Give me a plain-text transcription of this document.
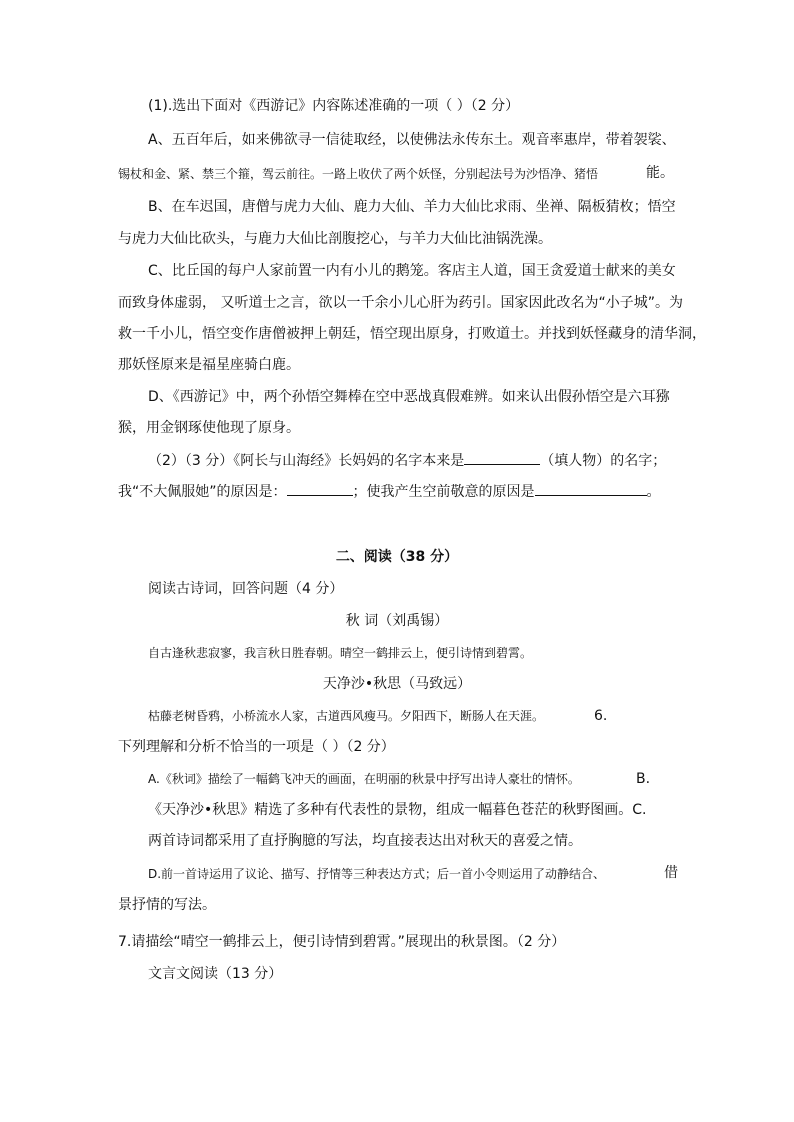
(1).选出下面对《西游记》内容陈述准确的一项（ ）（2 分）
A、五百年后，如来佛欲寻一信徒取经，以使佛法永传东土。观音率惠岸，带着袈裟、
锡杖和金、紧、禁三个箍，驾云前往。一路上收伏了两个妖怪，分别起法号为沙悟净、猪悟	能。
B、在车迟国，唐僧与虎力大仙、鹿力大仙、羊力大仙比求雨、坐禅、隔板猜枚；悟空
与虎力大仙比砍头，与鹿力大仙比剖腹挖心，与羊力大仙比油锅洗澡。
C、比丘国的每户人家前置一内有小儿的鹅笼。客店主人道，国王贪爱道士献来的美女
而致身体虚弱， 又听道士之言，欲以一千余小儿心肝为药引。国家因此改名为“小子城”。为
救一千小儿，悟空变作唐僧被押上朝廷，悟空现出原身，打败道士。并找到妖怪藏身的清华洞，
那妖怪原来是福星座骑白鹿。
D、《西游记》中，两个孙悟空舞棒在空中恶战真假难辨。如来认出假孙悟空是六耳猕
猴，用金钢琢使他现了原身。
（2）（3 分）《阿长与山海经》长妈妈的名字本来是	（填人物）的名字；
我“不大佩服她”的原因是：	；使我产生空前敬意的原因是	。
二、阅读（38 分）
阅读古诗词，回答问题（4 分）
秋 词（刘禹锡）
自古逢秋悲寂寥，我言秋日胜春朝。晴空一鹤排云上，便引诗情到碧霄。
天净沙•秋思（马致远）
枯藤老树昏鸦，小桥流水人家，古道西风瘦马。夕阳西下，断肠人在天涯。	6.
下列理解和分析不恰当的一项是（ ）（2 分）
A.《秋词》描绘了一幅鹤飞冲天的画面，在明丽的秋景中抒写出诗人豪壮的情怀。	B.
《天净沙•秋思》精选了多种有代表性的景物，组成一幅暮色苍茫的秋野图画。C.
两首诗词都采用了直抒胸臆的写法，均直接表达出对秋天的喜爱之情。
D.前一首诗运用了议论、描写、抒情等三种表达方式；后一首小令则运用了动静结合、	借
景抒情的写法。
7.请描绘“晴空一鹤排云上，便引诗情到碧霄。”展现出的秋景图。（2 分）
文言文阅读（13 分）
